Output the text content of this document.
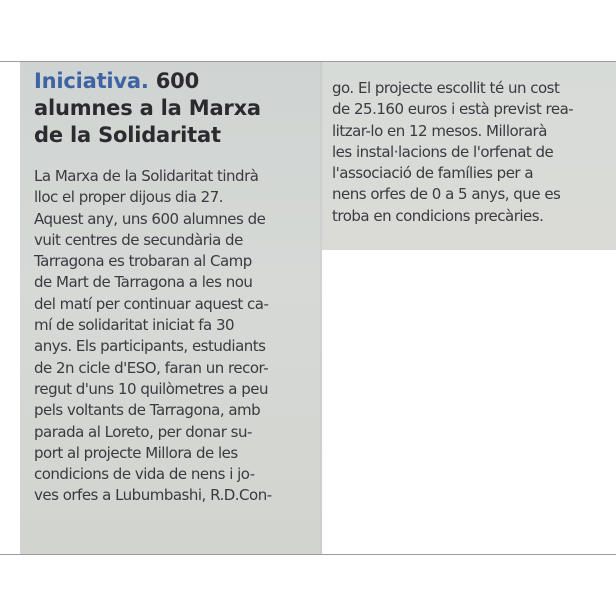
Iniciativa. 600
alumnes a la Marxa
de la Solidaritat
La Marxa de la Solidaritat tindrà
lloc el proper dijous dia 27.
Aquest any, uns 600 alumnes de
vuit centres de secundària de
Tarragona es trobaran al Camp
de Mart de Tarragona a les nou
del matí per continuar aquest ca-
mí de solidaritat iniciat fa 30
anys. Els participants, estudiants
de 2n cicle d'ESO, faran un recor-
regut d'uns 10 quilòmetres a peu
pels voltants de Tarragona, amb
parada al Loreto, per donar su-
port al projecte Millora de les
condicions de vida de nens i jo-
ves orfes a Lubumbashi, R.D.Con-
go. El projecte escollit té un cost
de 25.160 euros i està previst rea-
litzar-lo en 12 mesos. Millorarà
les instal·lacions de l'orfenat de
l'associació de famílies per a
nens orfes de 0 a 5 anys, que es
troba en condicions precàries.
